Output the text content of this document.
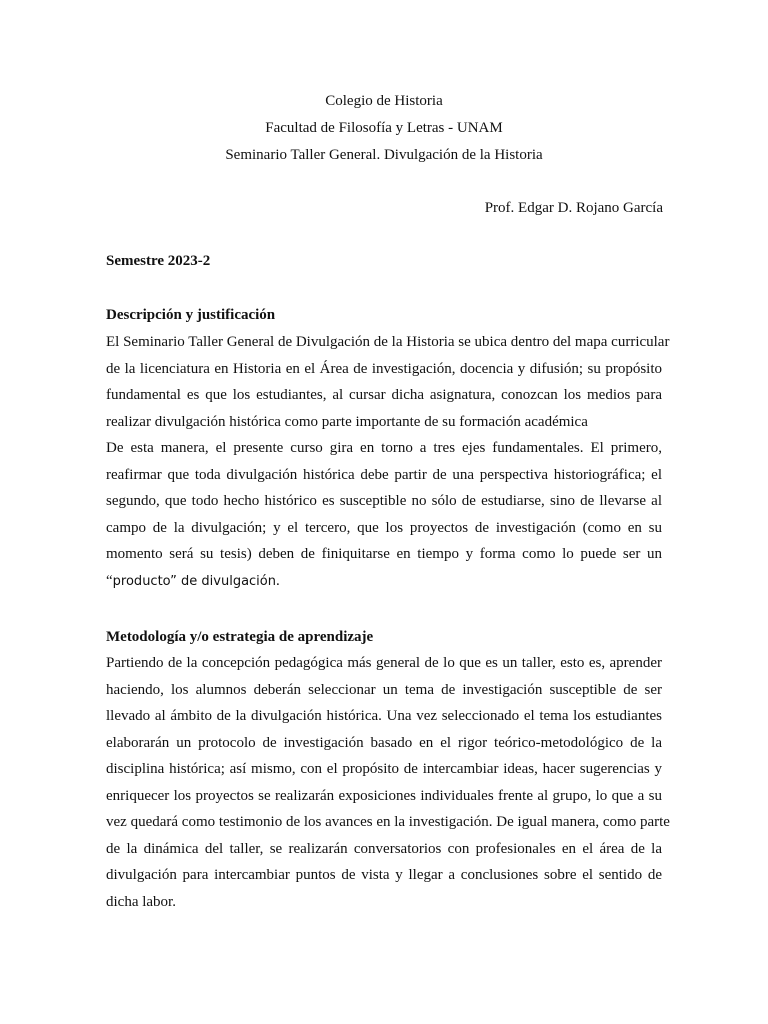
Colegio de Historia
Facultad de Filosofía y Letras - UNAM
Seminario Taller General. Divulgación de la Historia
Prof. Edgar D. Rojano García
Semestre 2023-2
Descripción y justificación
El Seminario Taller General de Divulgación de la Historia se ubica dentro del mapa curricular
de la licenciatura en Historia en el Área de investigación, docencia y difusión; su propósito
fundamental es que los estudiantes, al cursar dicha asignatura, conozcan los medios para
realizar divulgación histórica como parte importante de su formación académica
De esta manera, el presente curso gira en torno a tres ejes fundamentales. El primero,
reafirmar que toda divulgación histórica debe partir de una perspectiva historiográfica; el
segundo, que todo hecho histórico es susceptible no sólo de estudiarse, sino de llevarse al
campo de la divulgación; y el tercero, que los proyectos de investigación (como en su
momento será su tesis) deben de finiquitarse en tiempo y forma como lo puede ser un
“producto” de divulgación.
Metodología y/o estrategia de aprendizaje
Partiendo de la concepción pedagógica más general de lo que es un taller, esto es, aprender
haciendo, los alumnos deberán seleccionar un tema de investigación susceptible de ser
llevado al ámbito de la divulgación histórica. Una vez seleccionado el tema los estudiantes
elaborarán un protocolo de investigación basado en el rigor teórico-metodológico de la
disciplina histórica; así mismo, con el propósito de intercambiar ideas, hacer sugerencias y
enriquecer los proyectos se realizarán exposiciones individuales frente al grupo, lo que a su
vez quedará como testimonio de los avances en la investigación. De igual manera, como parte
de la dinámica del taller, se realizarán conversatorios con profesionales en el área de la
divulgación para intercambiar puntos de vista y llegar a conclusiones sobre el sentido de
dicha labor.
